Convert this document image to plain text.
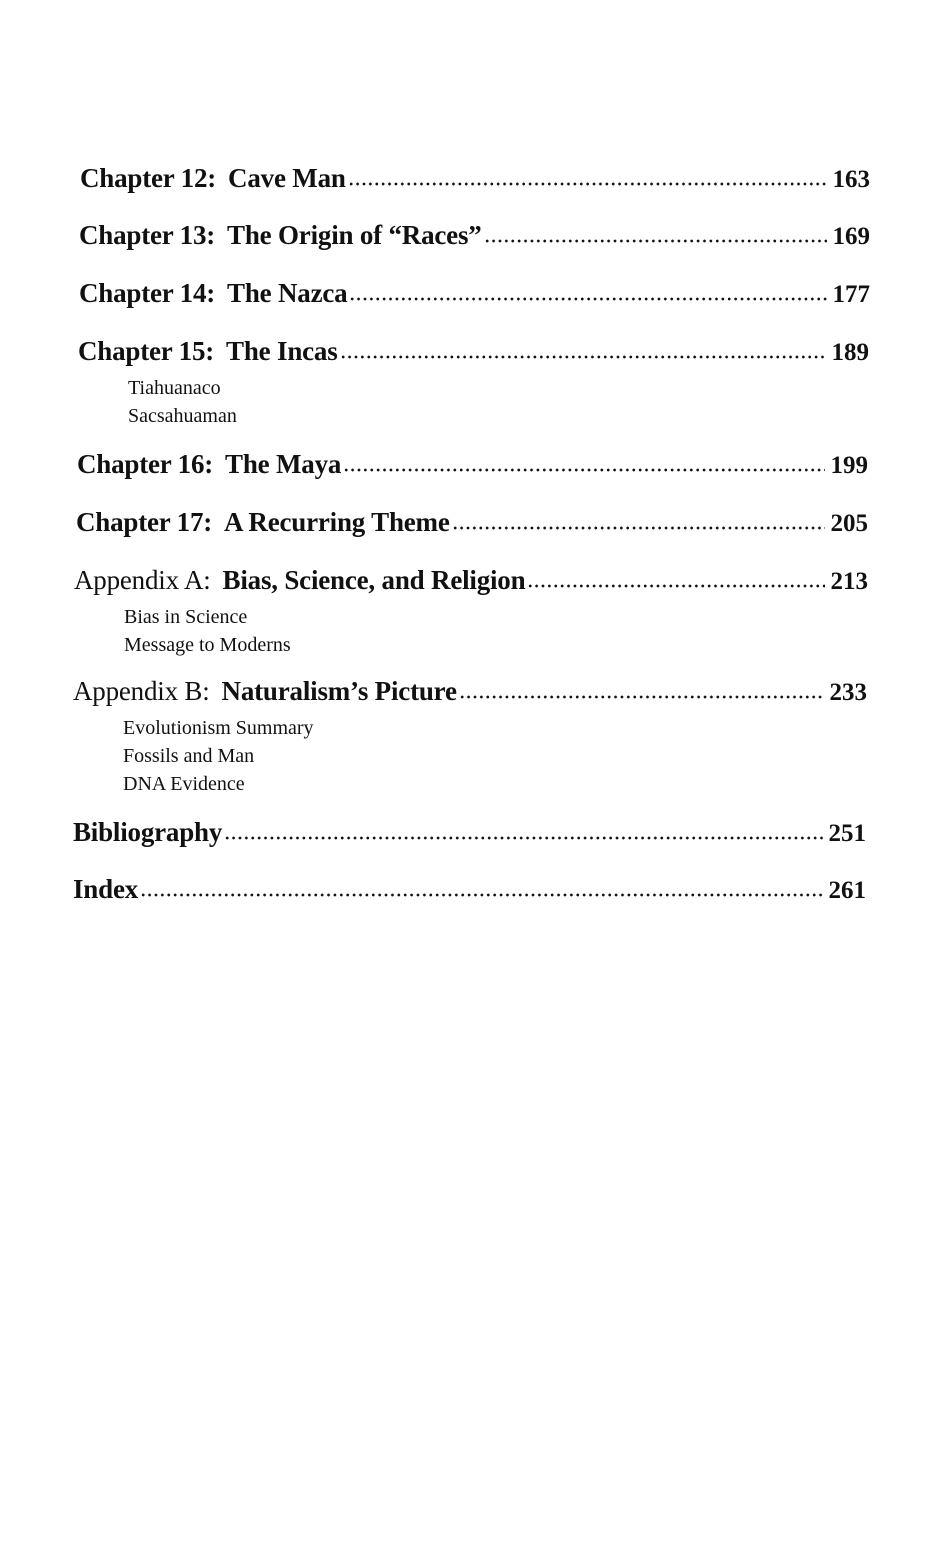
Chapter 12: Cave Man	163
Chapter 13: The Origin of “Races”	169
Chapter 14: The Nazca	177
Chapter 15: The Incas	189
Tiahuanaco
Sacsahuaman
Chapter 16: The Maya	199
Chapter 17: A Recurring Theme	205
Appendix A: Bias, Science, and Religion	213
Bias in Science
Message to Moderns
Appendix B: Naturalism’s Picture	233
Evolutionism Summary
Fossils and Man
DNA Evidence
Bibliography	251
Index	261
